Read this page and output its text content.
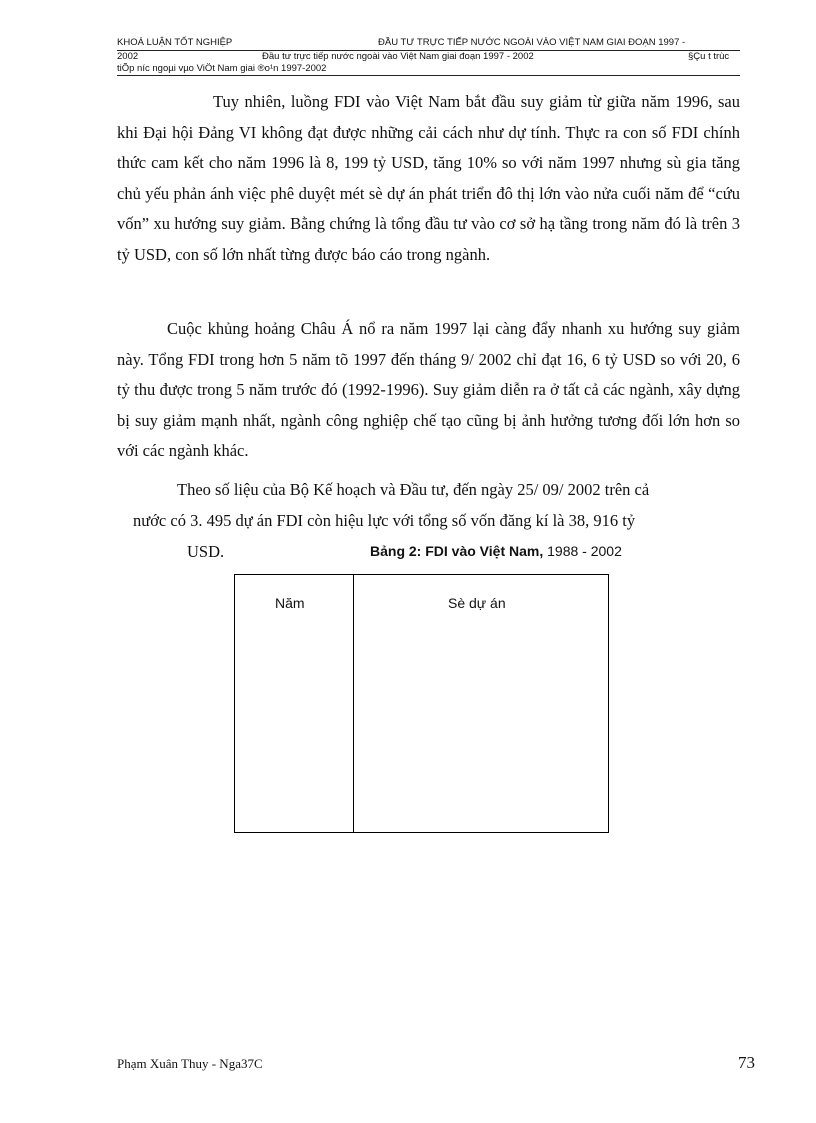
KHOÁ LUẬN TỐT NGHIỆP	ĐẦU TƯ TRỰC TIẾP NƯỚC NGOÀI VÀO VIỆT NAM GIAI ĐOẠN 1997 -
2002	Đầu tư trực tiếp nước ngoài vào Việt Nam giai đoạn 1997 - 2002	§Çu t trùc
tiÕp níc ngoµi vµo ViÖt Nam giai ®o¹n 1997-2002

Tuy nhiên, luồng FDI vào Việt Nam bắt đầu suy giảm từ giữa năm 1996, sau khi Đại hội Đảng VI không đạt được những cải cách như dự tính. Thực ra con số FDI chính thức cam kết cho năm 1996 là 8, 199 tỷ USD, tăng 10% so với năm 1997 nhưng sù gia tăng chủ yếu phản ánh việc phê duyệt mét sè dự án phát triển đô thị lớn vào nửa cuối năm để “cứu vốn” xu hướng suy giảm. Bằng chứng là tổng đầu tư vào cơ sở hạ tầng trong năm đó là trên 3 tỷ USD, con số lớn nhất từng được báo cáo trong ngành.

Cuộc khủng hoảng Châu Á nổ ra năm 1997 lại càng đẩy nhanh xu hướng suy giảm này. Tổng FDI trong hơn 5 năm tõ 1997 đến tháng 9/ 2002 chỉ đạt 16, 6 tỷ USD so với 20, 6 tỷ thu được trong 5 năm trước đó (1992-1996). Suy giảm diễn ra ở tất cả các ngành, xây dựng bị suy giảm mạnh nhất, ngành công nghiệp chế tạo cũng bị ảnh hưởng tương đối lớn hơn so với các ngành khác.

Theo số liệu của Bộ Kế hoạch và Đầu tư, đến ngày 25/ 09/ 2002 trên cả
nước có 3. 495 dự án FDI còn hiệu lực với tổng số vốn đăng kí là 38, 916 tỷ
USD.	Bảng 2: FDI vào Việt Nam, 1988 - 2002
Năm	Sè dự án
Phạm Xuân Thuy - Nga37C	73
